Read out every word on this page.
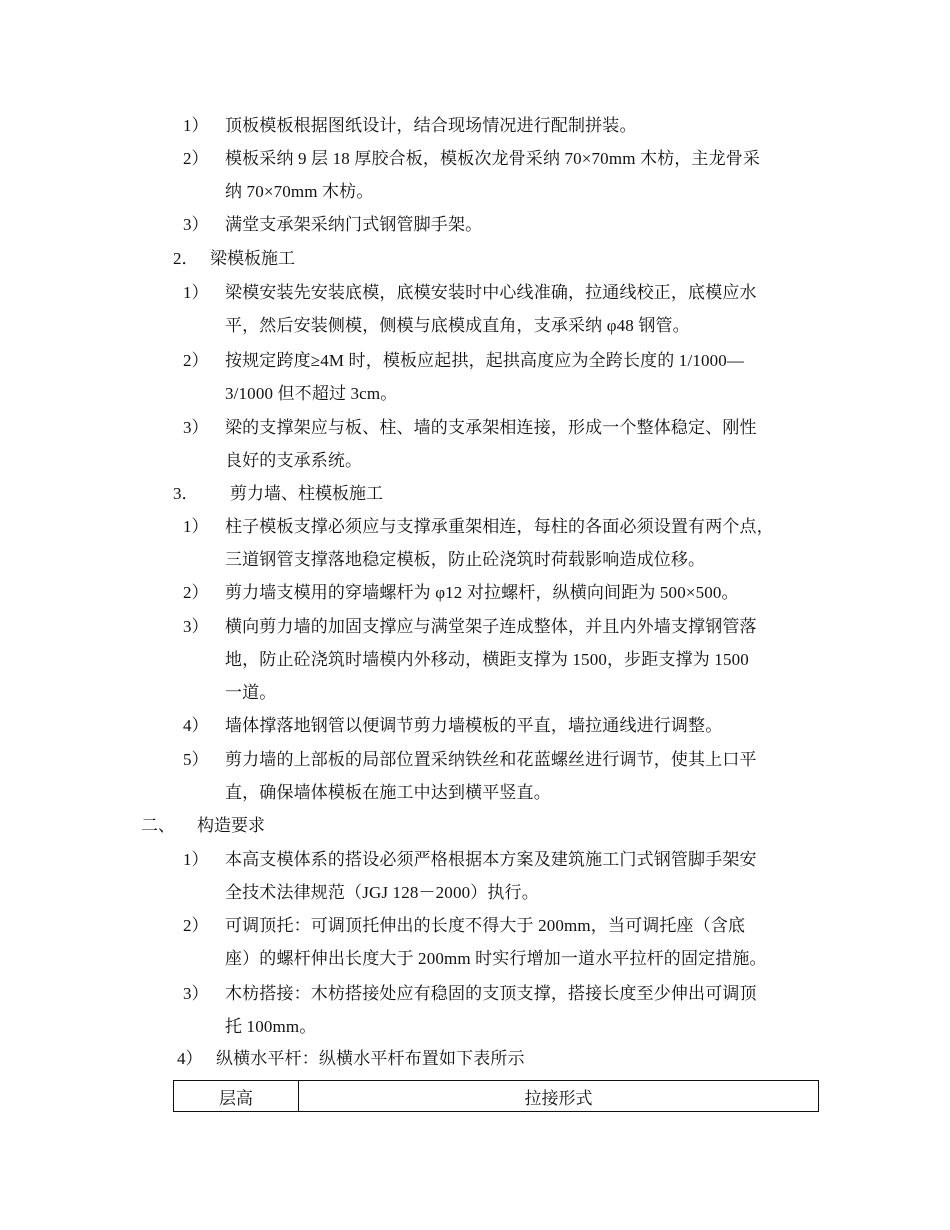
1） 顶板模板根据图纸设计，结合现场情况进行配制拼装。
2） 模板采纳 9 层 18 厚胶合板，模板次龙骨采纳 70×70mm 木枋，主龙骨采
纳 70×70mm 木枋。
3） 满堂支承架采纳门式钢管脚手架。
2． 梁模板施工
1） 梁模安装先安装底模，底模安装时中心线准确，拉通线校正，底模应水
平，然后安装侧模，侧模与底模成直角，支承采纳 φ48 钢管。
2） 按规定跨度≥4M 时，模板应起拱，起拱高度应为全跨长度的 1/1000—
3/1000 但不超过 3cm。
3） 梁的支撑架应与板、柱、墙的支承架相连接，形成一个整体稳定、刚性
良好的支承系统。
3． 剪力墙、柱模板施工
1） 柱子模板支撑必须应与支撑承重架相连，每柱的各面必须设置有两个点，
三道钢管支撑落地稳定模板，防止砼浇筑时荷载影响造成位移。
2） 剪力墙支模用的穿墙螺杆为 φ12 对拉螺杆，纵横向间距为 500×500。
3） 横向剪力墙的加固支撑应与满堂架子连成整体，并且内外墙支撑钢管落
地，防止砼浇筑时墙模内外移动，横距支撑为 1500，步距支撑为 1500
一道。
4） 墙体撑落地钢管以便调节剪力墙模板的平直，墙拉通线进行调整。
5） 剪力墙的上部板的局部位置采纳铁丝和花蓝螺丝进行调节，使其上口平
直，确保墙体模板在施工中达到横平竖直。
二、 构造要求
1） 本高支模体系的搭设必须严格根据本方案及建筑施工门式钢管脚手架安
全技术法律规范（JGJ 128－2000）执行。
2） 可调顶托：可调顶托伸出的长度不得大于 200mm，当可调托座（含底
座）的螺杆伸出长度大于 200mm 时实行增加一道水平拉杆的固定措施。
3） 木枋搭接：木枋搭接处应有稳固的支顶支撑，搭接长度至少伸出可调顶
托 100mm。
4） 纵横水平杆：纵横水平杆布置如下表所示
层高	拉接形式
